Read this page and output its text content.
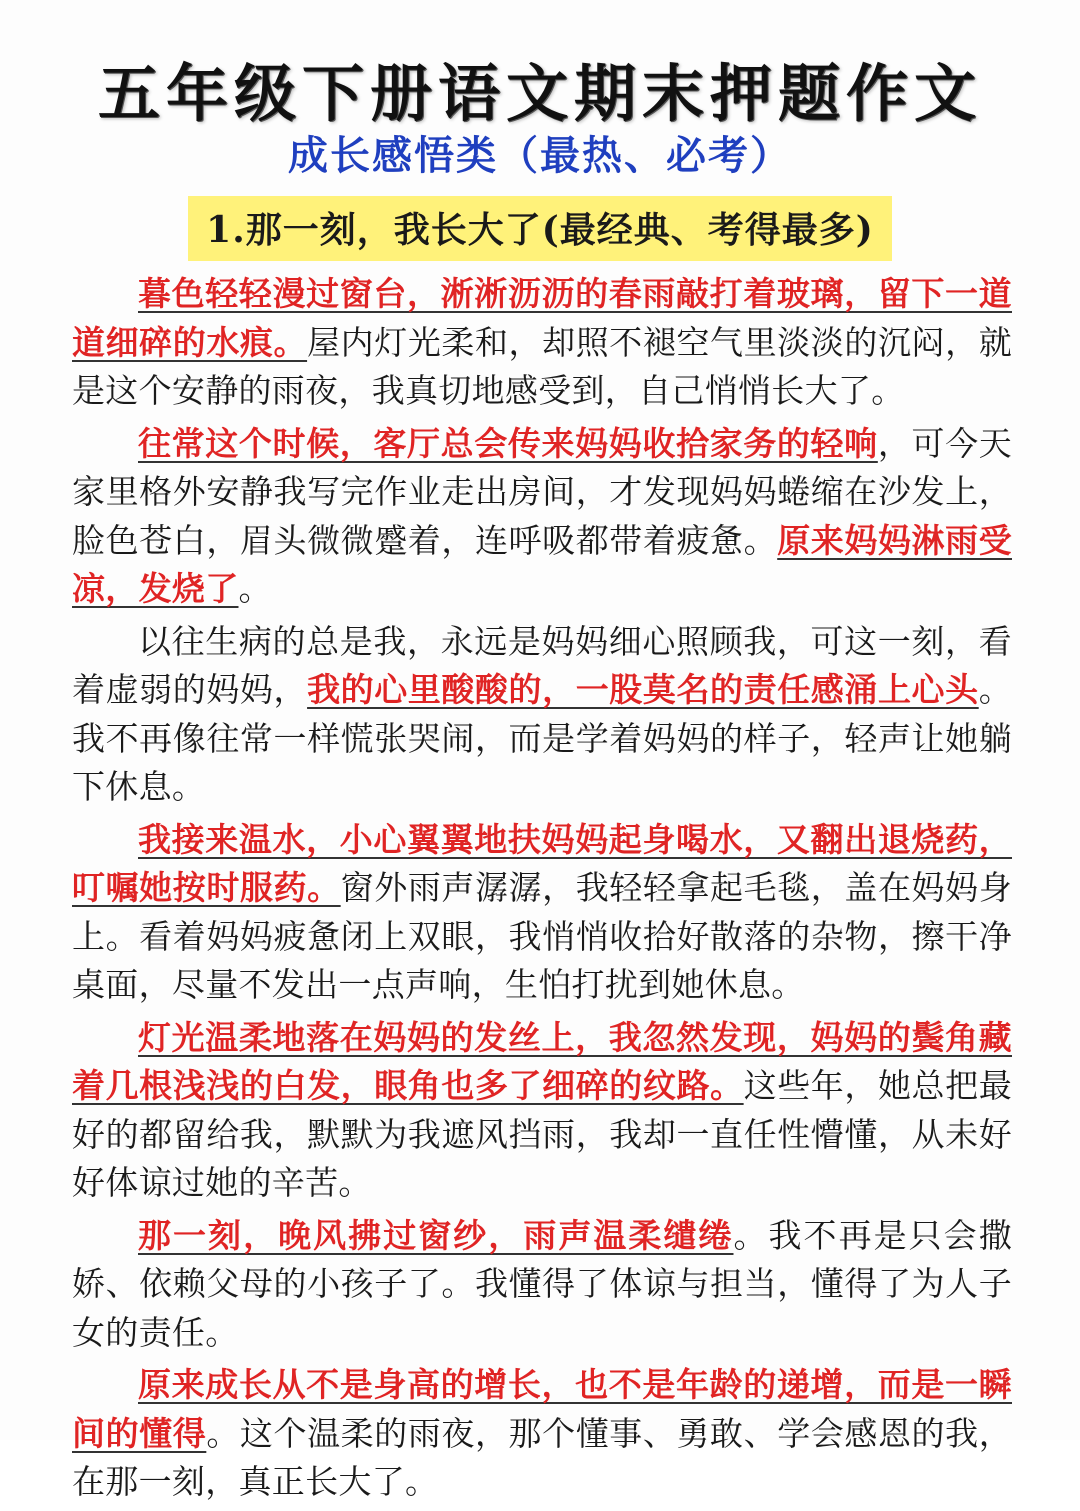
五年级下册语文期末押题作文
成长感悟类（最热、必考）
1.那一刻，我长大了(最经典、考得最多)

暮色轻轻漫过窗台，淅淅沥沥的春雨敲打着玻璃，留下一道道细碎的水痕。屋内灯光柔和，却照不褪空气里淡淡的沉闷，就是这个安静的雨夜，我真切地感受到，自己悄悄长大了。

往常这个时候，客厅总会传来妈妈收拾家务的轻响，可今天家里格外安静我写完作业走出房间，才发现妈妈蜷缩在沙发上，脸色苍白，眉头微微蹙着，连呼吸都带着疲惫。原来妈妈淋雨受凉，发烧了。

以往生病的总是我，永远是妈妈细心照顾我，可这一刻，看着虚弱的妈妈，我的心里酸酸的，一股莫名的责任感涌上心头。我不再像往常一样慌张哭闹，而是学着妈妈的样子，轻声让她躺下休息。

我接来温水，小心翼翼地扶妈妈起身喝水，又翻出退烧药，叮嘱她按时服药。窗外雨声潺潺，我轻轻拿起毛毯，盖在妈妈身上。看着妈妈疲惫闭上双眼，我悄悄收拾好散落的杂物，擦干净桌面，尽量不发出一点声响，生怕打扰到她休息。

灯光温柔地落在妈妈的发丝上，我忽然发现，妈妈的鬓角藏着几根浅浅的白发，眼角也多了细碎的纹路。这些年，她总把最好的都留给我，默默为我遮风挡雨，我却一直任性懵懂，从未好好体谅过她的辛苦。

那一刻，晚风拂过窗纱，雨声温柔缱绻。我不再是只会撒娇、依赖父母的小孩子了。我懂得了体谅与担当，懂得了为人子女的责任。

原来成长从不是身高的增长，也不是年龄的递增，而是一瞬间的懂得。这个温柔的雨夜，那个懂事、勇敢、学会感恩的我，在那一刻，真正长大了。
